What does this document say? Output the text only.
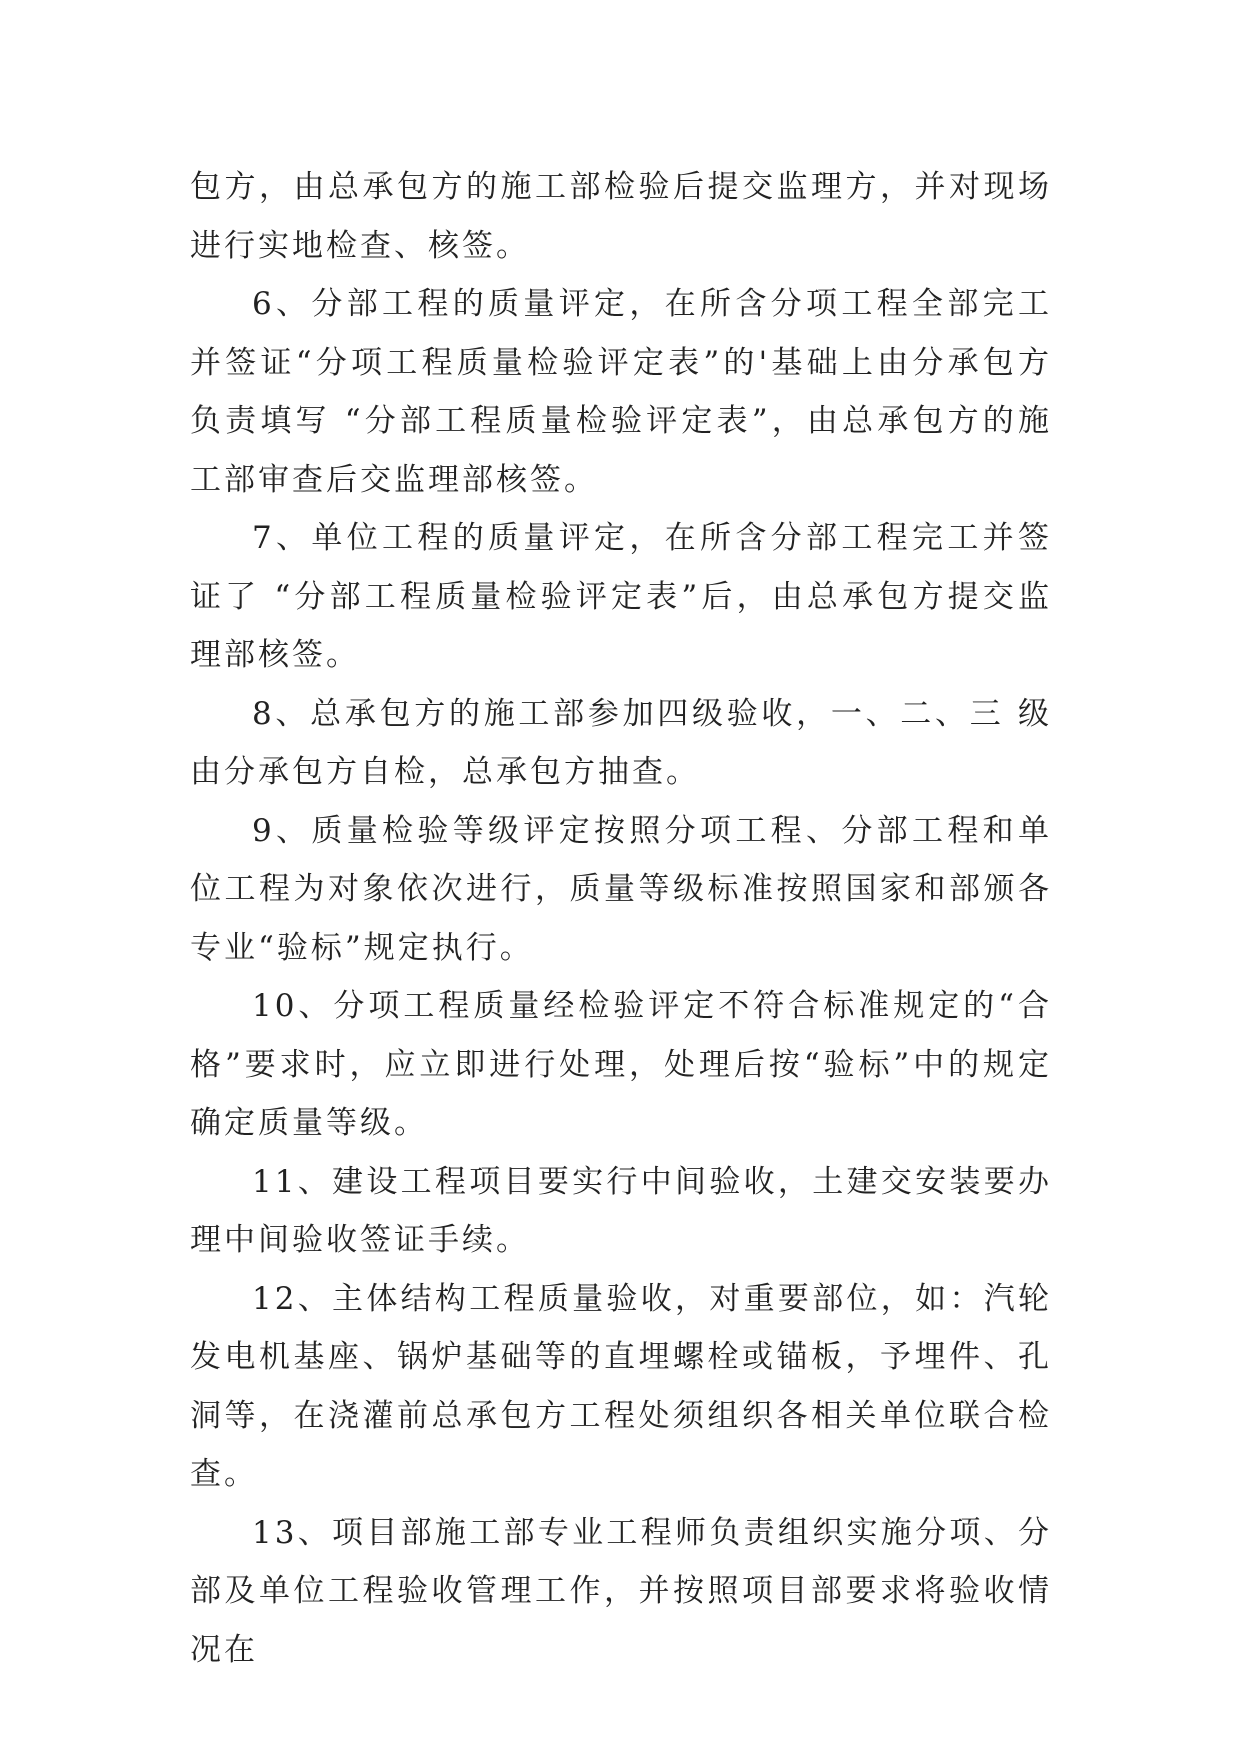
包方，由总承包方的施工部检验后提交监理方，并对现场进行实地检查、核签。

6、分部工程的质量评定，在所含分项工程全部完工并签证“分项工程质量检验评定表”的'基础上由分承包方负责填写 “分部工程质量检验评定表”，由总承包方的施工部审查后交监理部核签。

7、单位工程的质量评定，在所含分部工程完工并签证了 “分部工程质量检验评定表”后，由总承包方提交监理部核签。

8、总承包方的施工部参加四级验收，一、二、三 级由分承包方自检，总承包方抽查。

9、质量检验等级评定按照分项工程、分部工程和单位工程为对象依次进行，质量等级标准按照国家和部颁各专业“验标”规定执行。

10、分项工程质量经检验评定不符合标准规定的“合格”要求时，应立即进行处理，处理后按“验标”中的规定确定质量等级。

11、建设工程项目要实行中间验收，土建交安装要办理中间验收签证手续。

12、主体结构工程质量验收，对重要部位，如：汽轮发电机基座、锅炉基础等的直埋螺栓或锚板，予埋件、孔洞等，在浇灌前总承包方工程处须组织各相关单位联合检查。

13、项目部施工部专业工程师负责组织实施分项、分部及单位工程验收管理工作，并按照项目部要求将验收情况在
